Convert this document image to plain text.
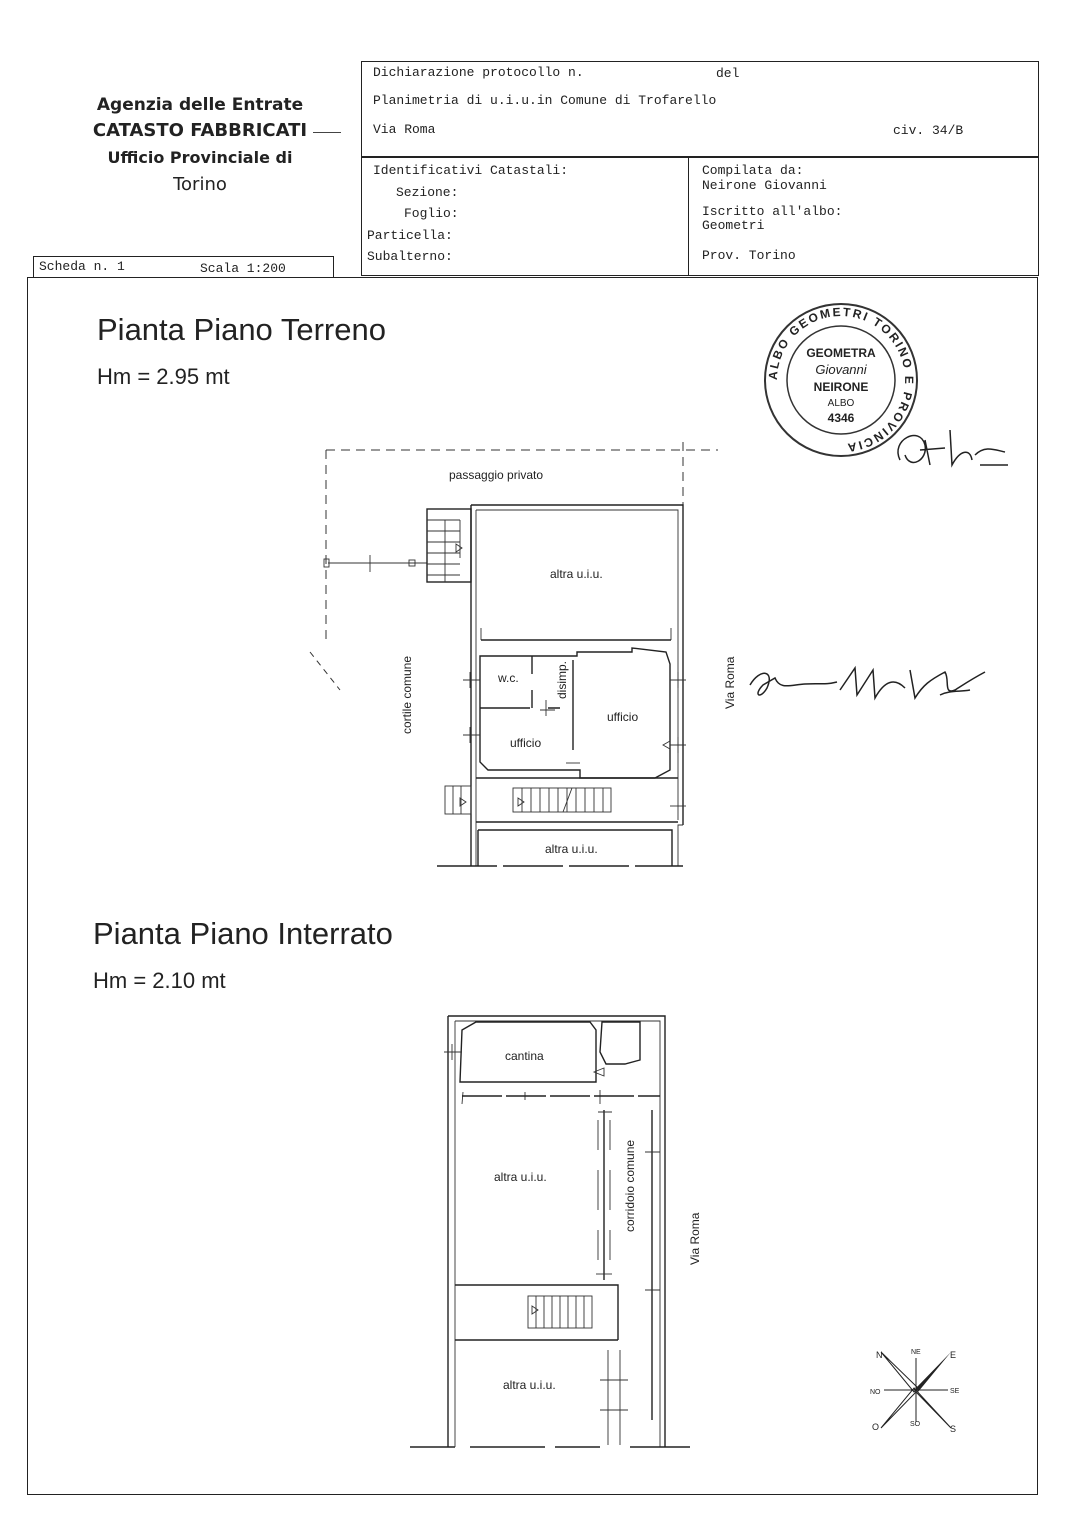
Agenzia delle Entrate
CATASTO FABBRICATI
Ufficio Provinciale di
Torino
Dichiarazione protocollo n.	del
Planimetria di u.i.u.in Comune di Trofarello
Via Roma	civ. 34/B
Identificativi Catastali:
Sezione:
Foglio:
Particella:
Subalterno:
Compilata da:
Neirone Giovanni
Iscritto all'albo:
Geometri
Prov. Torino
Scheda n. 1	Scala 1:200
Pianta Piano Terreno
Hm = 2.95 mt
Pianta Piano Interrato
Hm = 2.10 mt
passaggio privato
altra u.i.u.
w.c.	disimp.
ufficio
ufficio
cortile comune	Via Roma
altra u.i.u.
cantina
altra u.i.u.	corridoio comune
Via Roma
altra u.i.u.
ALBO GEOMETRI TORINO E PROVINCIA
GEOMETRA
Giovanni
NEIRONE
ALBO
4346
N	NE	E
SE
S
SO
O
NO
